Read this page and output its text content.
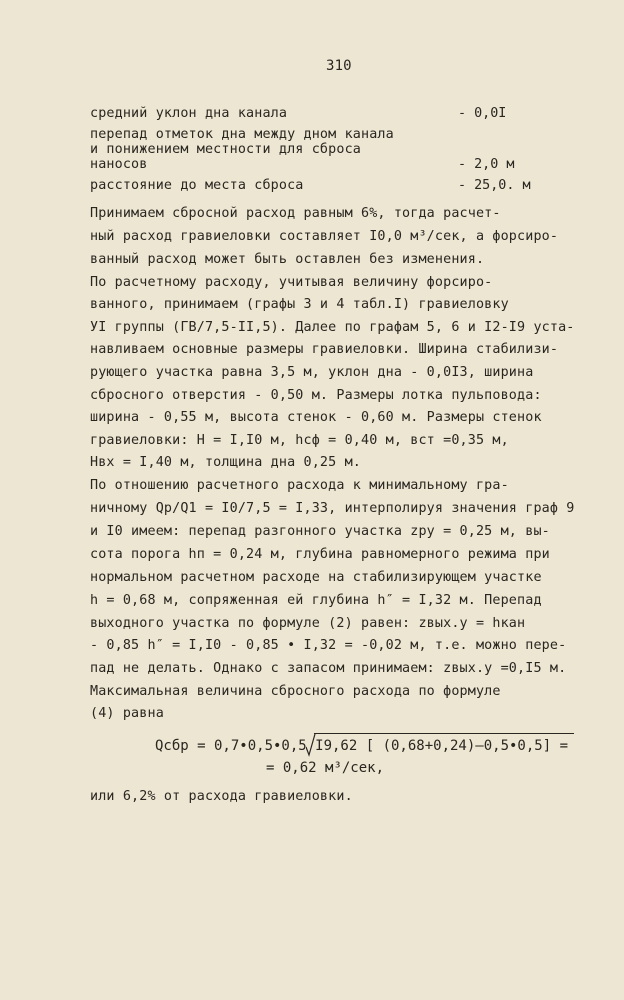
310
средний уклон дна канала	- 0,0I
перепад отметок дна между дном канала
и понижением местности для сброса
наносов	- 2,0 м
расстояние до места сброса	- 25,0. м
Принимаем сбросной расход равным 6%, тогда расчет-
ный расход гравиеловки составляет I0,0 м³/сек, а форсиро-
ванный расход может быть оставлен без изменения.
По расчетному расходу, учитывая величину форсиро-
ванного, принимаем (графы 3 и 4 табл.I) гравиеловку
УI группы (ГВ/7,5-II,5). Далее по графам 5, 6 и I2-I9 уста-
навливаем основные размеры гравиеловки. Ширина стабилизи-
рующего участка равна 3,5 м, уклон дна - 0,0I3, ширина
сбросного отверстия - 0,50 м. Размеры лотка пульповода:
ширина - 0,55 м, высота стенок - 0,60 м. Размеры стенок
гравиеловки: Н = I,I0 м, hсф = 0,40 м, вст =0,35 м,
Hвх = I,40 м, толщина дна 0,25 м.
По отношению расчетного расхода к минимальному гра-
ничному Qр/Q1 = I0/7,5 = I,33, интерполируя значения граф 9
и I0 имеем: перепад разгонного участка zру = 0,25 м, вы-
сота порога hп = 0,24 м, глубина равномерного режима при
нормальном расчетном расходе на стабилизирующем участке
h = 0,68 м, сопряженная ей глубина h″ = I,32 м. Перепад
выходного участка по формуле (2) равен: zвых.у = hкан
- 0,85 h″ = I,I0 - 0,85 • I,32 = -0,02 м, т.е. можно пере-
пад не делать. Однако с запасом принимаем: zвых.у =0,I5 м.
Максимальная величина сбросного расхода по формуле
(4) равна
Qсбр = 0,7•0,5•0,5 I9,62 [ (0,68+0,24)–0,5•0,5] =
= 0,62 м³/сек,
или 6,2% от расхода гравиеловки.
